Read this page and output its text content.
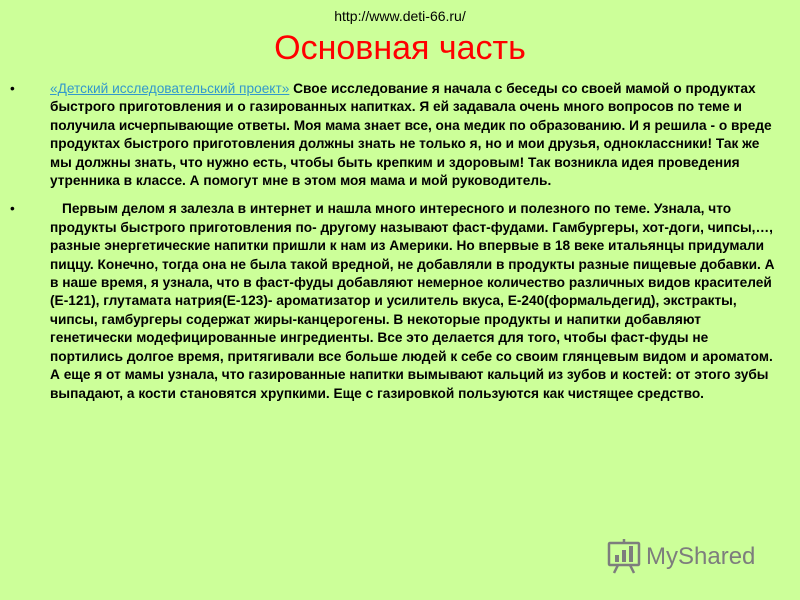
http://www.deti-66.ru/
Основная часть
•	«Детский исследовательский проект» Свое исследование я начала с беседы со своей мамой о продуктах быстрого приготовления и о газированных напитках. Я ей задавала очень много вопросов по теме и получила исчерпывающие ответы. Моя мама знает все, она медик по образованию. И я решила - о вреде продуктах быстрого приготовления должны знать не только я, но и мои друзья, одноклассники! Так же мы должны знать, что нужно есть, чтобы быть крепким и здоровым! Так возникла идея проведения утренника в классе. А помогут мне в этом моя мама и мой руководитель.
•	Первым делом я залезла в интернет и нашла много интересного и полезного по теме. Узнала, что продукты быстрого приготовления по- другому называют фаст-фудами. Гамбургеры, хот-доги, чипсы,…, разные энергетические напитки пришли к нам из Америки. Но впервые в 18 веке итальянцы придумали пиццу. Конечно, тогда она не была такой вредной, не добавляли в продукты разные пищевые добавки. А в наше время, я узнала, что в фаст-фуды добавляют немерное количество различных видов красителей (Е-121), глутамата натрия(Е-123)- ароматизатор и усилитель вкуса, Е-240(формальдегид), экстракты, чипсы, гамбургеры содержат жиры-канцерогены. В некоторые продукты и напитки добавляют генетически модефицированные ингредиенты. Все это делается для того, чтобы фаст-фуды не портились долгое время, притягивали все больше людей к себе со своим глянцевым видом и ароматом. А еще я от мамы узнала, что газированные напитки вымывают кальций из зубов и костей: от этого зубы выпадают, а кости становятся хрупкими. Еще с газировкой пользуются как чистящее средство.
MyShared
